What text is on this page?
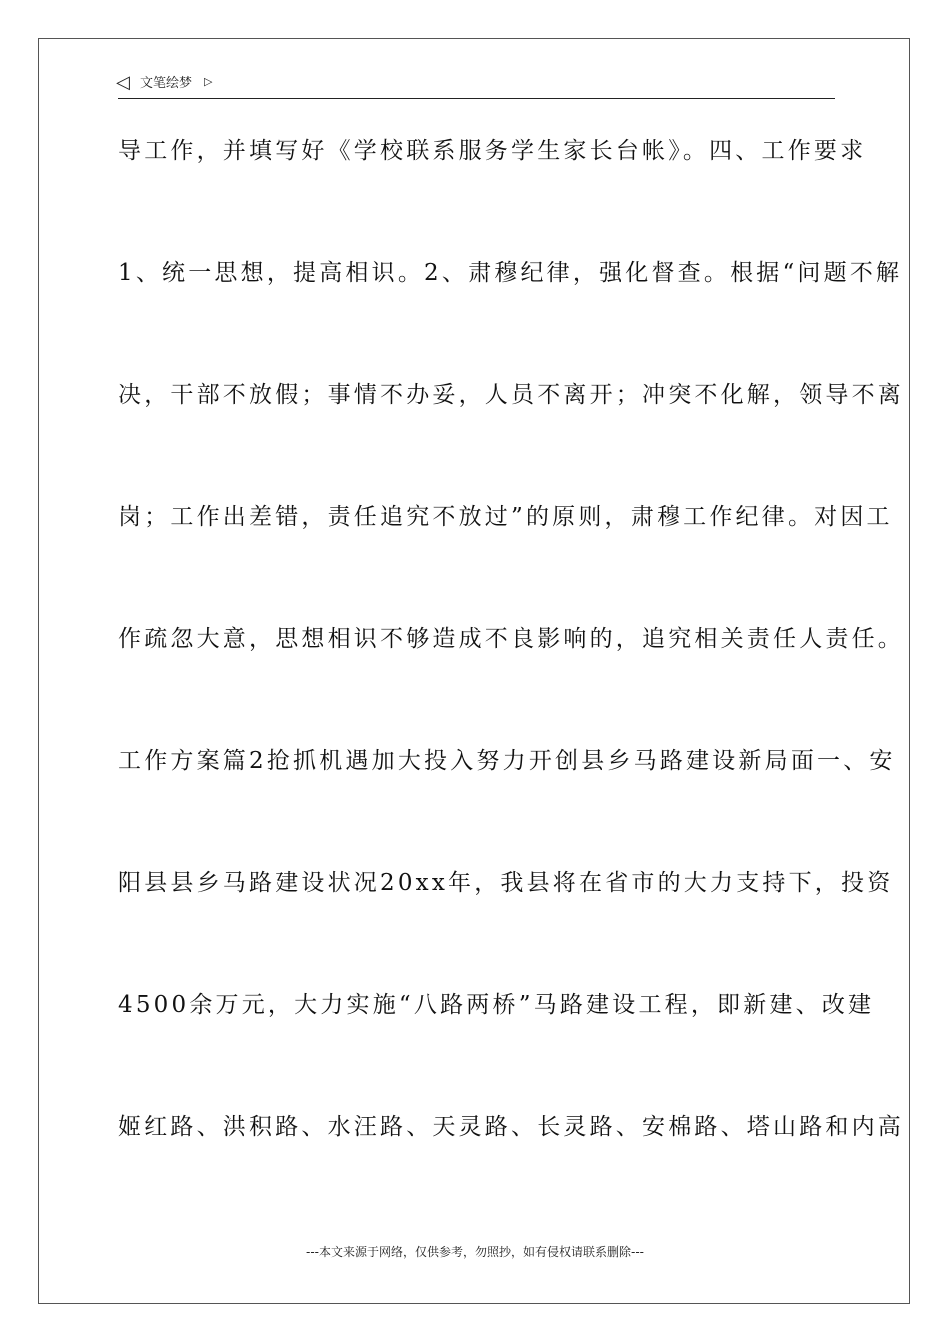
◁ 文笔绘梦 ▷
导工作，并填写好《学校联系服务学生家长台帐》。四、工作要求
1、统一思想，提高相识。2、肃穆纪律，强化督查。根据“问题不解
决，干部不放假；事情不办妥，人员不离开；冲突不化解，领导不离
岗；工作出差错，责任追究不放过”的原则，肃穆工作纪律。对因工
作疏忽大意，思想相识不够造成不良影响的，追究相关责任人责任。
工作方案篇2抢抓机遇加大投入努力开创县乡马路建设新局面一、安
阳县县乡马路建设状况20xx年，我县将在省市的大力支持下，投资
4500余万元，大力实施“八路两桥”马路建设工程，即新建、改建
姬红路、洪积路、水汪路、天灵路、长灵路、安棉路、塔山路和内高
---本文来源于网络，仅供参考，勿照抄，如有侵权请联系删除---
